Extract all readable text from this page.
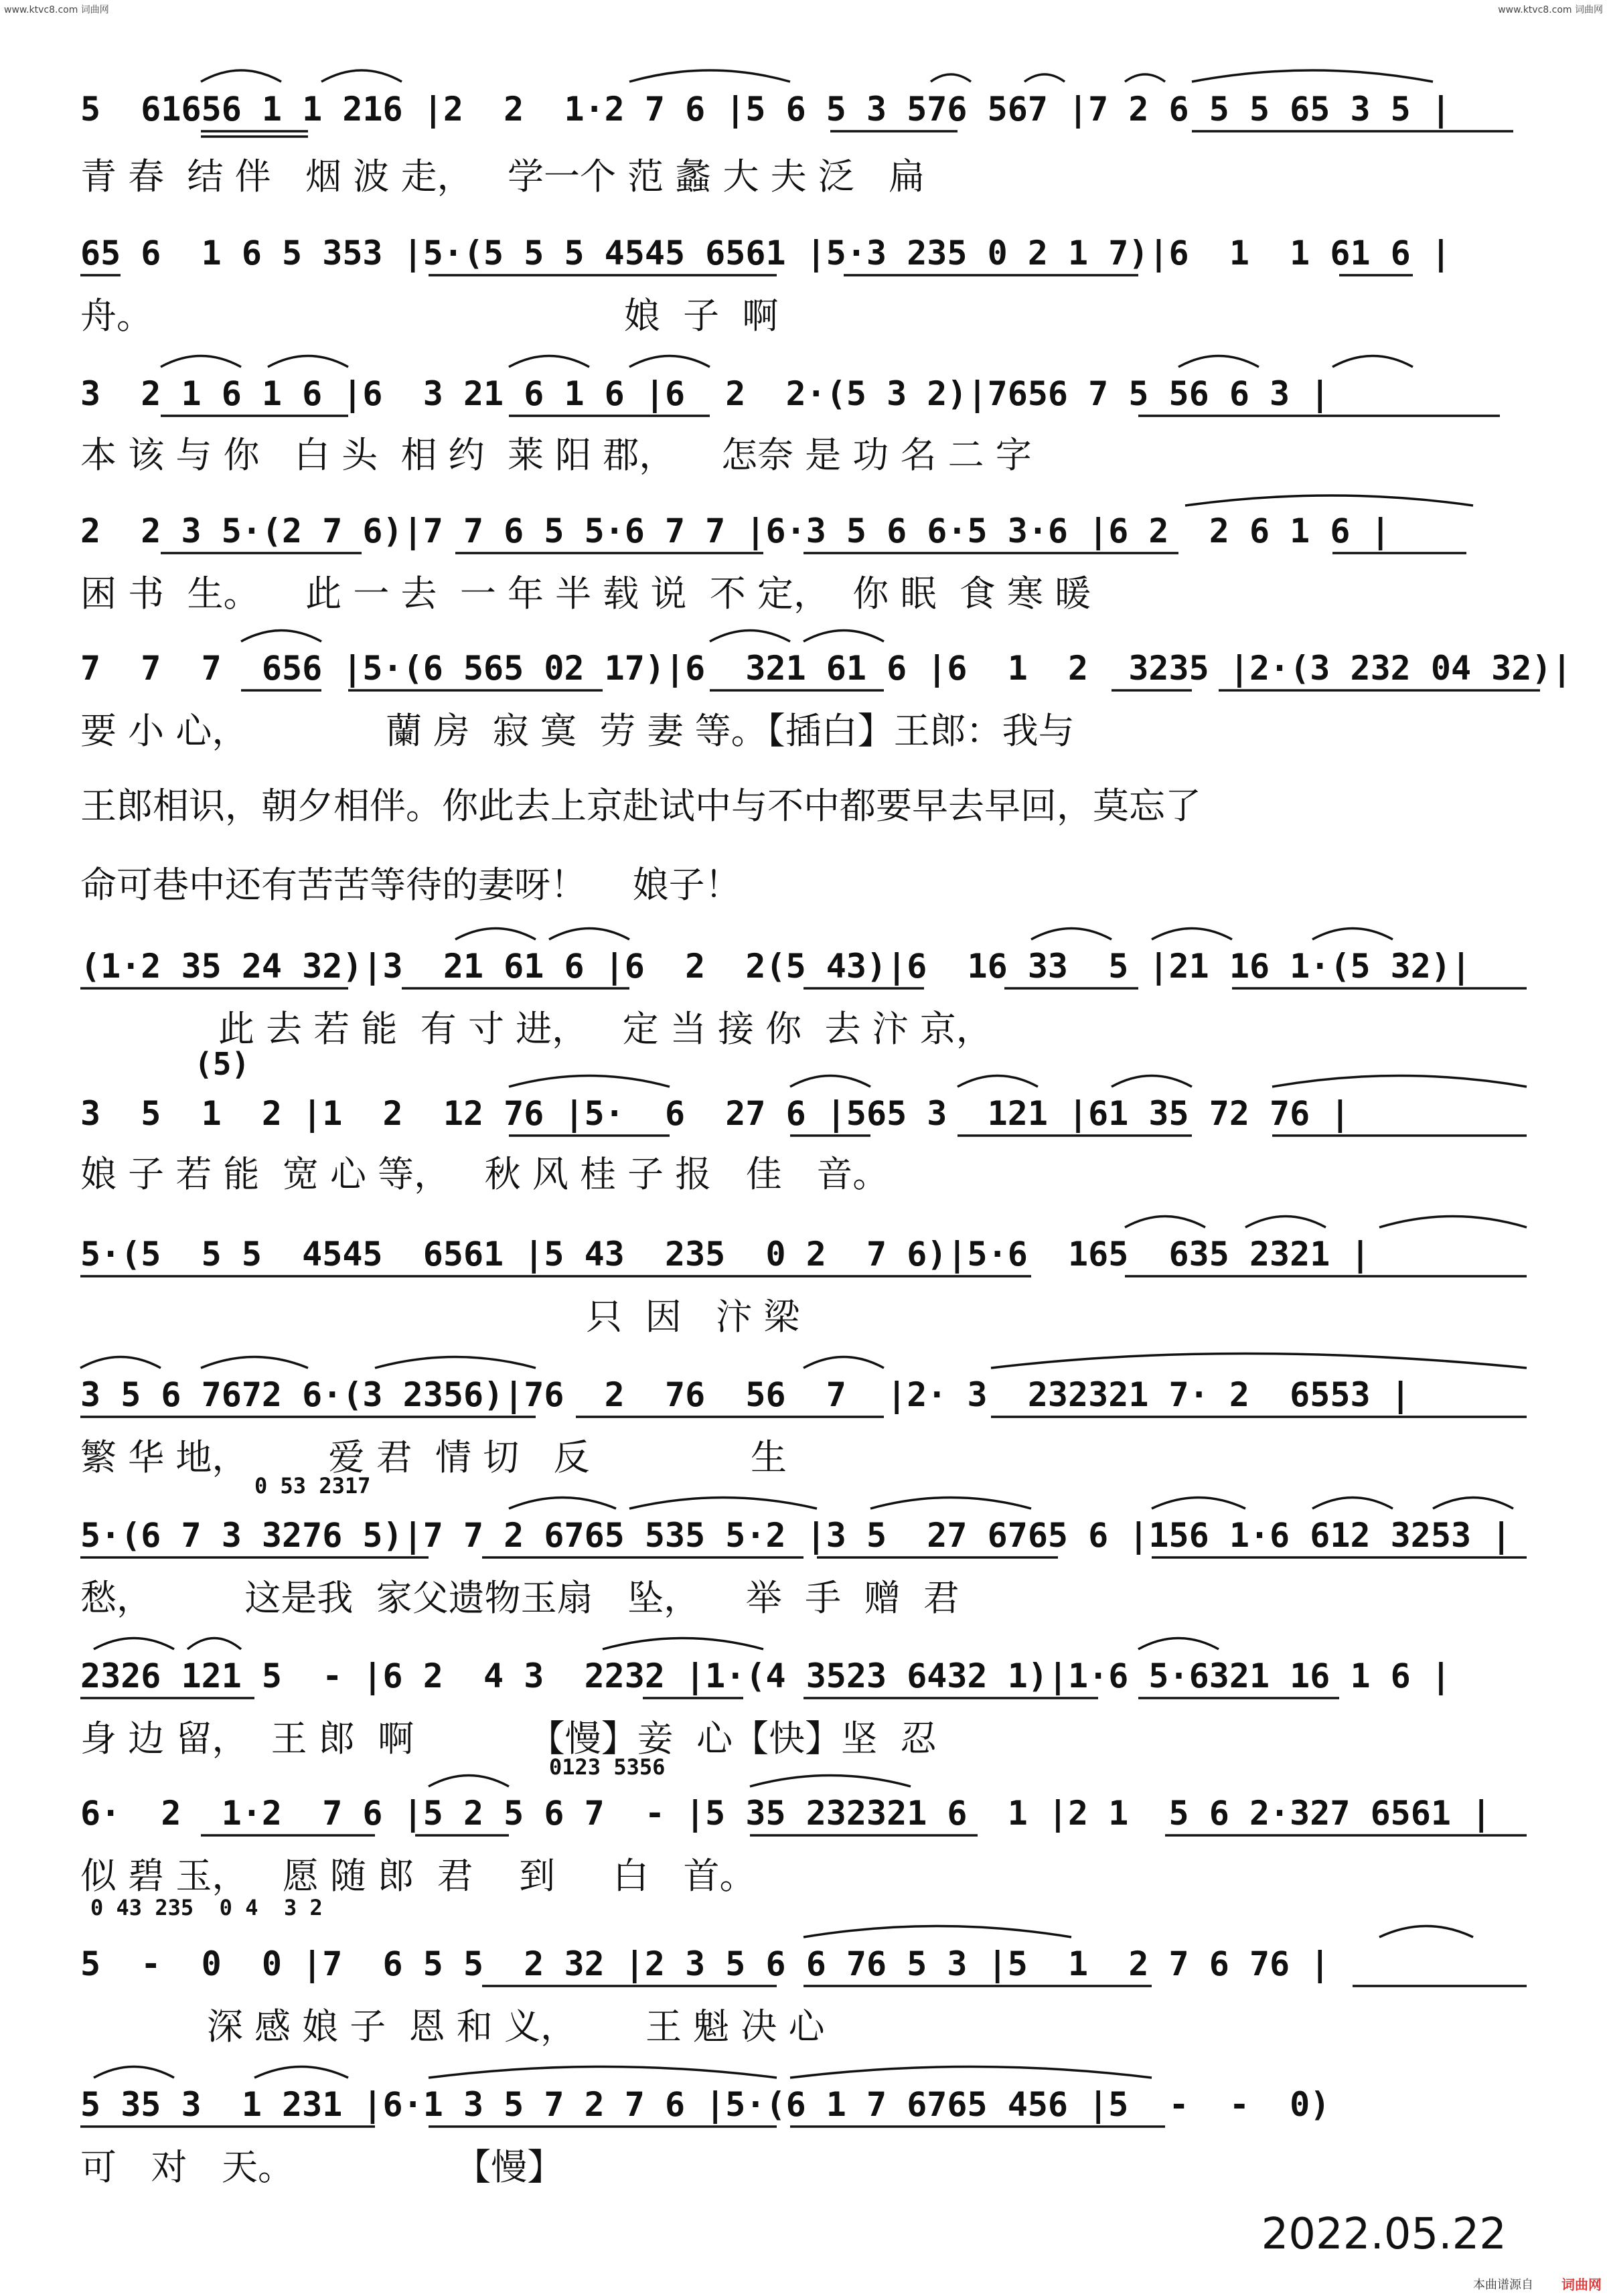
www.ktvc8.com 词曲网	www.ktvc8.com 词曲网
5  61656 1 1 216 |2  2  1·2 7 6 |5 6 5 3 576 567 |7 2 6 5 5 65 3 5 |
青 春  结 伴   烟 波 走，   学一个 范 蠡 大 夫 泛   扁
65 6  1 6 5 353 |5·(5 5 5 4545 6561 |5·3 235 0 2 1 7)|6  1  1 61 6 |
舟。                                         娘  子  啊
3  2 1 6 1 6 |6  3 21 6 1 6 |6  2  2·(5 3 2)|7656 7 5 56 6 3 |
本 该 与 你   白 头  相 约  莱 阳 郡，    怎奈 是 功 名 二 字
2  2 3 5·(2 7 6)|7 7 6 5 5·6 7 7 |6·3 5 6 6·5 3·6 |6 2  2 6 1 6 |
困 书  生。    此 一 去  一 年 半 载 说  不 定，  你 眠  食 寒 暖
7  7  7  656 |5·(6 565 02 17)|6  321 61 6 |6  1  2  3235 |2·(3 232 04 32)|
要 小 心，            蘭 房  寂 寞  劳 妻 等。【插白】王郎：我与
王郎相识，朝夕相伴。你此去上京赴试中与不中都要早去早回，莫忘了
命可巷中还有苦苦等待的妻呀！    娘子！
(1·2 35 24 32)|3  21 61 6 |6  2  2(5 43)|6  16 33  5 |21 16 1·(5 32)|
此 去 若 能  有 寸 进，   定 当 接 你  去 汴 京，
(5)
3  5  1  2 |1  2  12 76 |5·  6  27 6 |565 3  121 |61 35 72 76 |
娘 子 若 能  宽 心 等，   秋 风 桂 子 报   佳   音。
5·(5  5 5  4545  6561 |5 43  235  0 2  7 6)|5·6  165  635 2321 |
只  因   汴 梁
3 5 6 7672 6·(3 2356)|76  2  76  56  7  |2· 3  232321 7· 2  6553 |
繁 华 地，       爱 君  情 切   反              生
0 53 2317
5·(6 7 3 3276 5)|7 7 2 6765 535 5·2 |3 5  27 6765 6 |156 1·6 612 3253 |
愁，        这是我  家父遗物玉扇   坠，    举  手  赠  君
2326 121 5  - |6 2  4 3  2232 |1·(4 3523 6432 1)|1·6 5·6321 16 1 6 |
身 边 留，  王 郎  啊          【慢】妾  心【快】坚  忍
0123 5356
6·  2  1·2  7 6 |5 2 5 6 7  - |5 35 232321 6  1 |2 1  5 6 2·327 6561 |
似 碧 玉，   愿 随 郎  君    到     白   首。
0 43 235  0 4  3 2
5  -  0  0 |7  6 5 5  2 32 |2 3 5 6 6 76 5 3 |5  1  2 7 6 76 |
深 感 娘 子  恩 和 义，      王 魁 决 心
5 35 3  1 231 |6·1 3 5 7 2 7 6 |5·(6 1 7 6765 456 |5  -  -  0)
可   对   天。              【慢】
2022.05.22
本曲谱源自 词曲网
